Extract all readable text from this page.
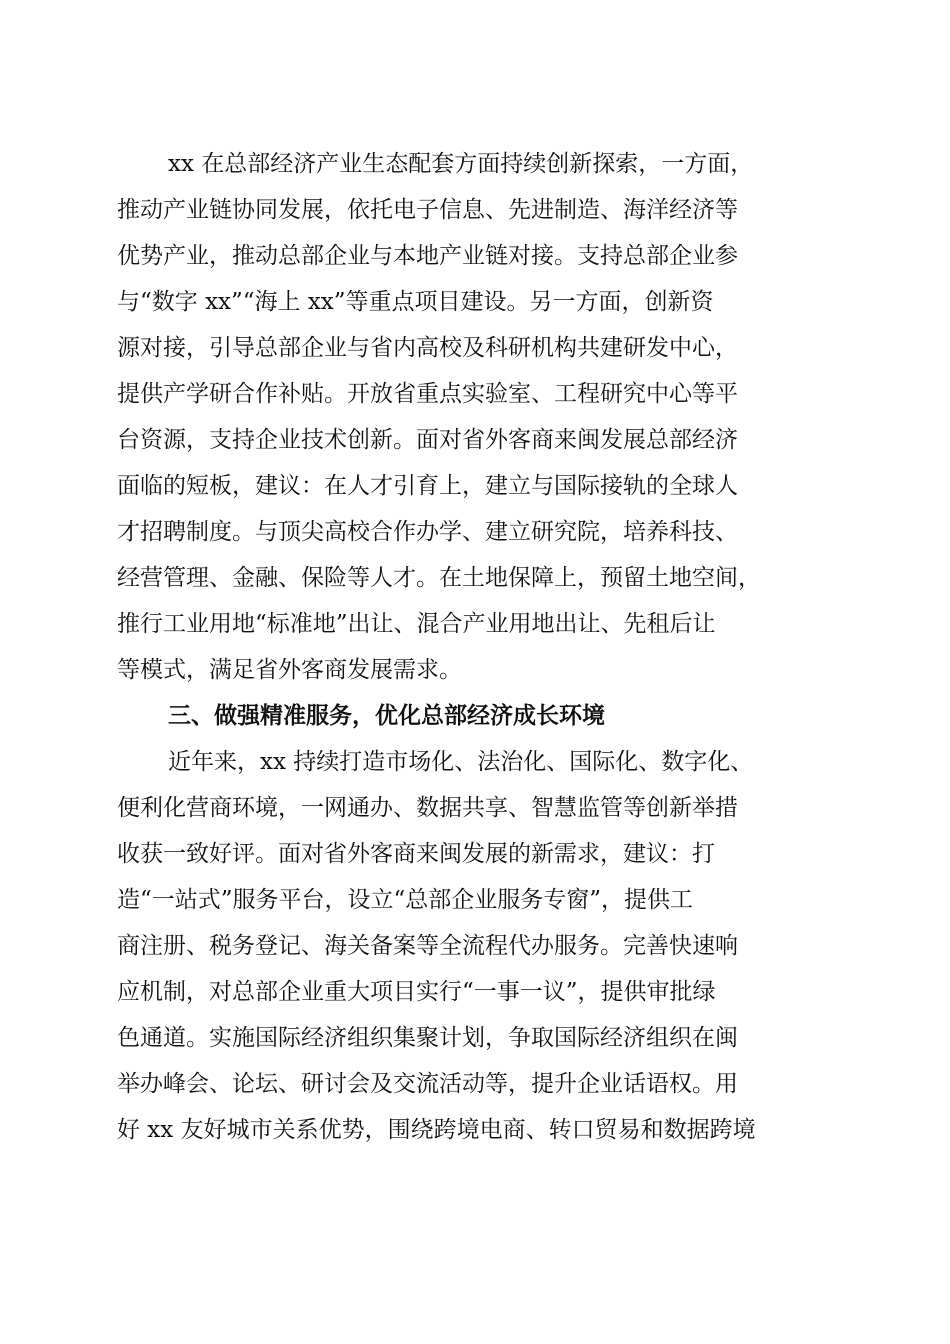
xx 在总部经济产业生态配套方面持续创新探索，一方面，
推动产业链协同发展，依托电子信息、先进制造、海洋经济等
优势产业，推动总部企业与本地产业链对接。支持总部企业参
与“数字 xx”“海上 xx”等重点项目建设。另一方面，创新资
源对接，引导总部企业与省内高校及科研机构共建研发中心，
提供产学研合作补贴。开放省重点实验室、工程研究中心等平
台资源，支持企业技术创新。面对省外客商来闽发展总部经济
面临的短板，建议：在人才引育上，建立与国际接轨的全球人
才招聘制度。与顶尖高校合作办学、建立研究院，培养科技、
经营管理、金融、保险等人才。在土地保障上，预留土地空间，
推行工业用地“标准地”出让、混合产业用地出让、先租后让
等模式，满足省外客商发展需求。
三、做强精准服务，优化总部经济成长环境
近年来，xx 持续打造市场化、法治化、国际化、数字化、
便利化营商环境，一网通办、数据共享、智慧监管等创新举措
收获一致好评。面对省外客商来闽发展的新需求，建议：打
造“一站式”服务平台，设立“总部企业服务专窗”，提供工
商注册、税务登记、海关备案等全流程代办服务。完善快速响
应机制，对总部企业重大项目实行“一事一议”，提供审批绿
色通道。实施国际经济组织集聚计划，争取国际经济组织在闽
举办峰会、论坛、研讨会及交流活动等，提升企业话语权。用
好 xx 友好城市关系优势，围绕跨境电商、转口贸易和数据跨境
